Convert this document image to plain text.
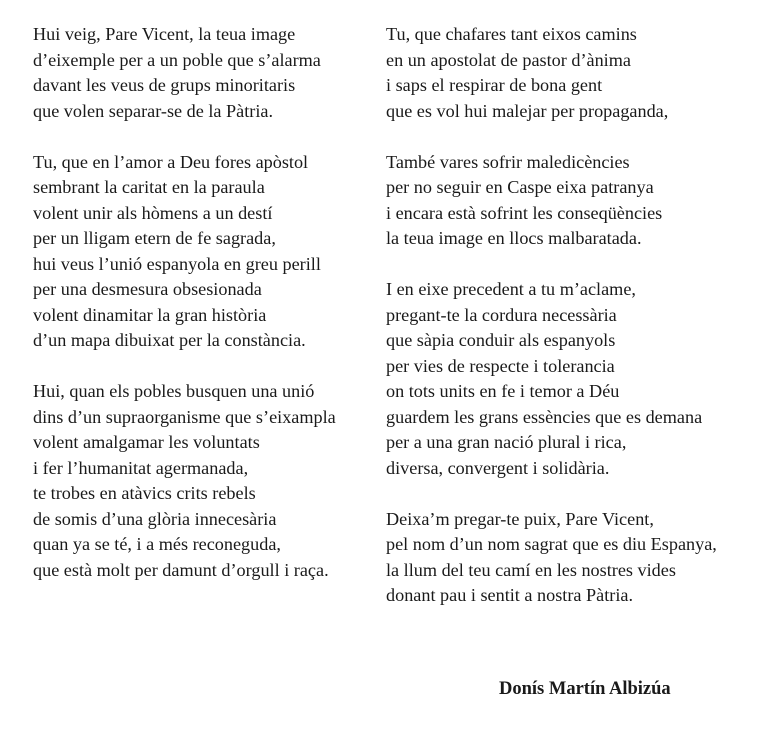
Hui veig, Pare Vicent, la teua image
d’eixemple per a un poble que s’alarma
davant les veus de grups minoritaris
que volen separar-se de la Pàtria.
Tu, que en l’amor a Deu fores apòstol
sembrant la caritat en la paraula
volent unir als hòmens a un destí
per un lligam etern de fe sagrada,
hui veus l’unió espanyola en greu perill
per una desmesura obsesionada
volent dinamitar la gran història
d’un mapa dibuixat per la constància.
Hui, quan els pobles busquen una unió
dins d’un supraorganisme que s’eixampla
volent amalgamar les voluntats
i fer l’humanitat agermanada,
te trobes en atàvics crits rebels
de somis d’una glòria innecesària
quan ya se té, i a més reconeguda,
que està molt per damunt d’orgull i raça.
Tu, que chafares tant eixos camins
en un apostolat de pastor d’ànima
i saps el respirar de bona gent
que es vol hui malejar per propaganda,
També vares sofrir maledicències
per no seguir en Caspe eixa patranya
i encara està sofrint les conseqüències
la teua image en llocs malbaratada.
I en eixe precedent a tu m’aclame,
pregant-te la cordura necessària
que sàpia conduir als espanyols
per vies de respecte i tolerancia
on tots units en fe i temor a Déu
guardem les grans essències que es demana
per a una gran nació plural i rica,
diversa, convergent i solidària.
Deixa’m pregar-te puix, Pare Vicent,
pel nom d’un nom sagrat que es diu Espanya,
la llum del teu camí en les nostres vides
donant pau i sentit a nostra Pàtria.
Donís Martín Albizúa
